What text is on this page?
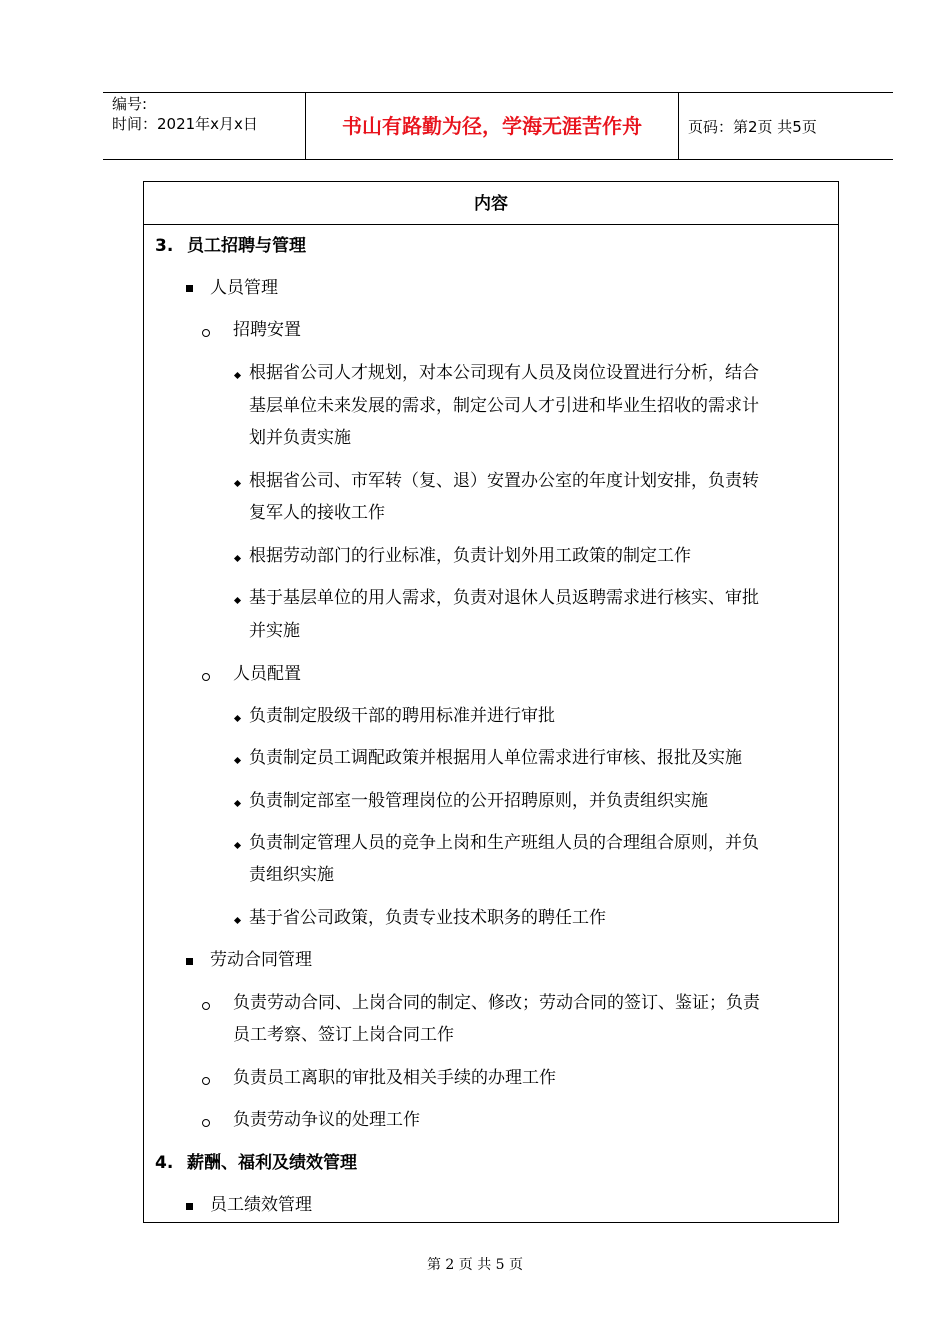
编号:
时间：2021年x月x日	书山有路勤为径，学海无涯苦作舟	页码：第2页 共5页
内容
3. 员工招聘与管理
人员管理
招聘安置
根据省公司人才规划，对本公司现有人员及岗位设置进行分析，结合
基层单位未来发展的需求，制定公司人才引进和毕业生招收的需求计
划并负责实施
根据省公司、市军转（复、退）安置办公室的年度计划安排，负责转
复军人的接收工作
根据劳动部门的行业标准，负责计划外用工政策的制定工作
基于基层单位的用人需求，负责对退休人员返聘需求进行核实、审批
并实施
人员配置
负责制定股级干部的聘用标准并进行审批
负责制定员工调配政策并根据用人单位需求进行审核、报批及实施
负责制定部室一般管理岗位的公开招聘原则，并负责组织实施
负责制定管理人员的竞争上岗和生产班组人员的合理组合原则，并负
责组织实施
基于省公司政策，负责专业技术职务的聘任工作
劳动合同管理
负责劳动合同、上岗合同的制定、修改；劳动合同的签订、鉴证；负责
员工考察、签订上岗合同工作
负责员工离职的审批及相关手续的办理工作
负责劳动争议的处理工作
4. 薪酬、福利及绩效管理
员工绩效管理
第 2 页 共 5 页
